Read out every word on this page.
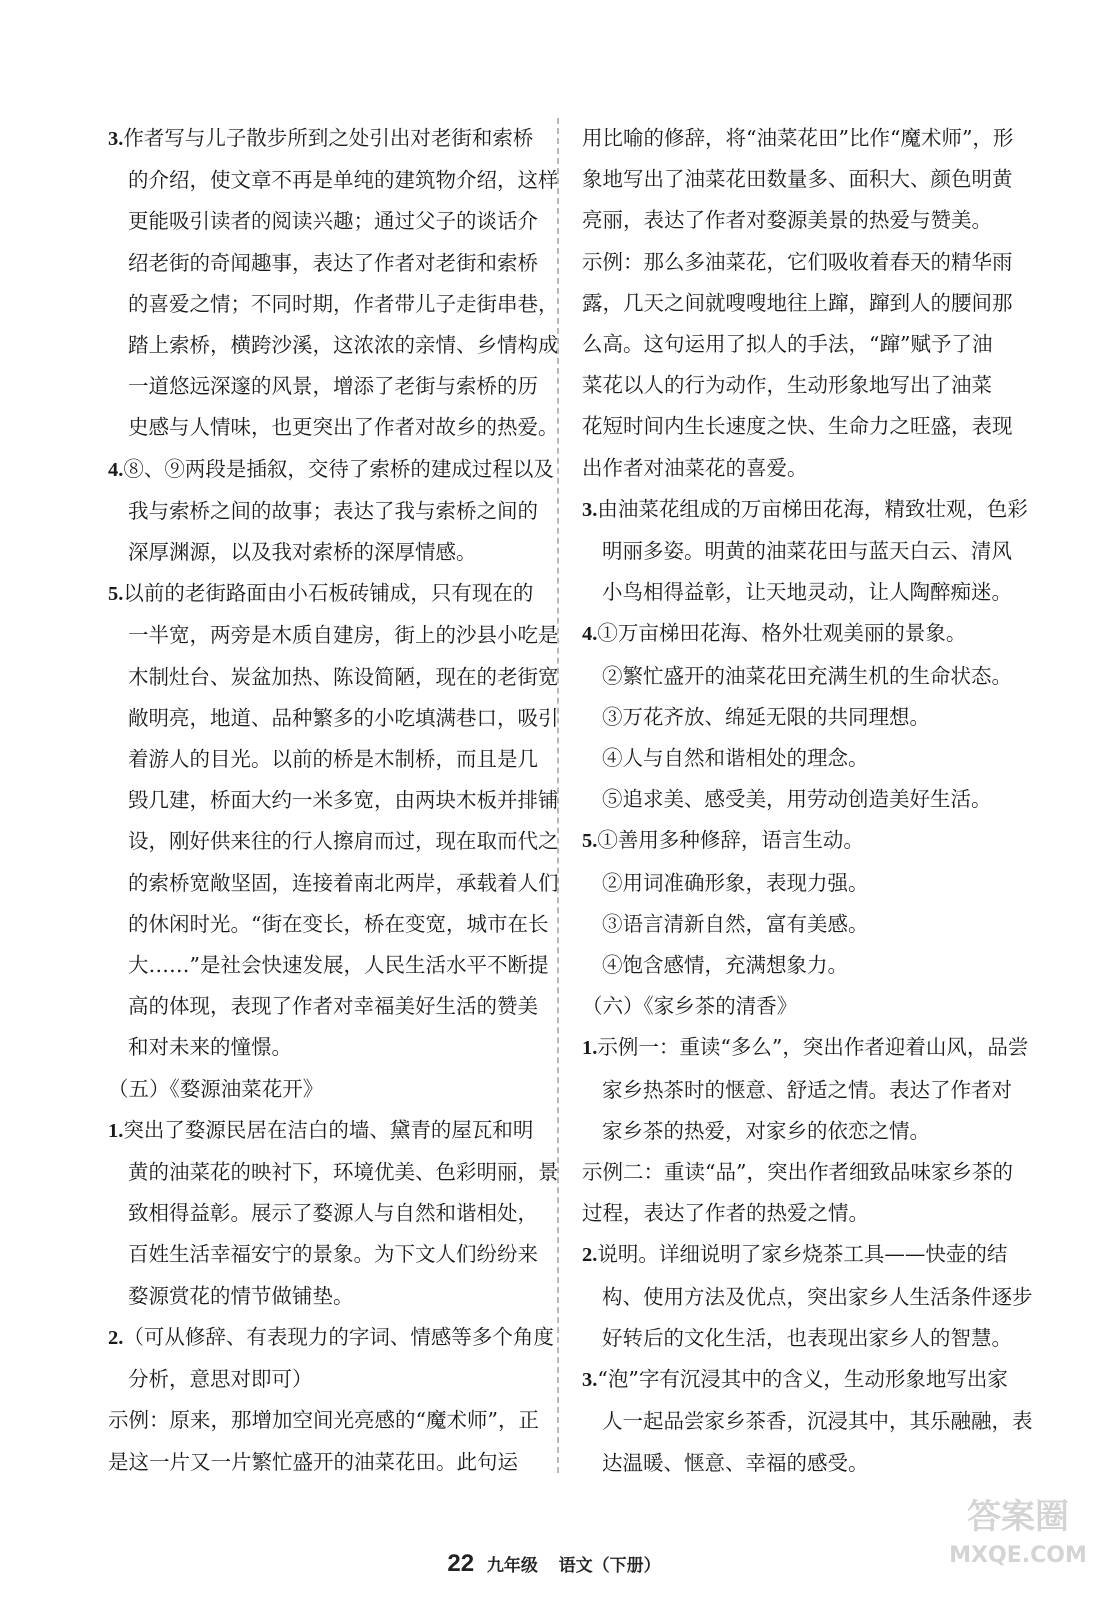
3.作者写与儿子散步所到之处引出对老街和索桥
的介绍，使文章不再是单纯的建筑物介绍，这样
更能吸引读者的阅读兴趣；通过父子的谈话介
绍老街的奇闻趣事，表达了作者对老街和索桥
的喜爱之情；不同时期，作者带儿子走街串巷，
踏上索桥，横跨沙溪，这浓浓的亲情、乡情构成
一道悠远深邃的风景，增添了老街与索桥的历
史感与人情味，也更突出了作者对故乡的热爱。
4.⑧、⑨两段是插叙，交待了索桥的建成过程以及
我与索桥之间的故事；表达了我与索桥之间的
深厚渊源，以及我对索桥的深厚情感。
5.以前的老街路面由小石板砖铺成，只有现在的
一半宽，两旁是木质自建房，街上的沙县小吃是
木制灶台、炭盆加热、陈设简陋，现在的老街宽
敞明亮，地道、品种繁多的小吃填满巷口，吸引
着游人的目光。以前的桥是木制桥，而且是几
毁几建，桥面大约一米多宽，由两块木板并排铺
设，刚好供来往的行人擦肩而过，现在取而代之
的索桥宽敞坚固，连接着南北两岸，承载着人们
的休闲时光。“街在变长，桥在变宽，城市在长
大……”是社会快速发展，人民生活水平不断提
高的体现，表现了作者对幸福美好生活的赞美
和对未来的憧憬。
（五）《婺源油菜花开》
1.突出了婺源民居在洁白的墙、黛青的屋瓦和明
黄的油菜花的映衬下，环境优美、色彩明丽，景
致相得益彰。展示了婺源人与自然和谐相处，
百姓生活幸福安宁的景象。为下文人们纷纷来
婺源赏花的情节做铺垫。
2.（可从修辞、有表现力的字词、情感等多个角度
分析，意思对即可）
示例：原来，那增加空间光亮感的“魔术师”，正
是这一片又一片繁忙盛开的油菜花田。此句运
用比喻的修辞，将“油菜花田”比作“魔术师”，形
象地写出了油菜花田数量多、面积大、颜色明黄
亮丽，表达了作者对婺源美景的热爱与赞美。
示例：那么多油菜花，它们吸收着春天的精华雨
露，几天之间就嗖嗖地往上蹿，蹿到人的腰间那
么高。这句运用了拟人的手法，“蹿”赋予了油
菜花以人的行为动作，生动形象地写出了油菜
花短时间内生长速度之快、生命力之旺盛，表现
出作者对油菜花的喜爱。
3.由油菜花组成的万亩梯田花海，精致壮观，色彩
明丽多姿。明黄的油菜花田与蓝天白云、清风
小鸟相得益彰，让天地灵动，让人陶醉痴迷。
4.①万亩梯田花海、格外壮观美丽的景象。
②繁忙盛开的油菜花田充满生机的生命状态。
③万花齐放、绵延无限的共同理想。
④人与自然和谐相处的理念。
⑤追求美、感受美，用劳动创造美好生活。
5.①善用多种修辞，语言生动。
②用词准确形象，表现力强。
③语言清新自然，富有美感。
④饱含感情，充满想象力。
（六）《家乡茶的清香》
1.示例一：重读“多么”，突出作者迎着山风，品尝
家乡热茶时的惬意、舒适之情。表达了作者对
家乡茶的热爱，对家乡的依恋之情。
示例二：重读“品”，突出作者细致品味家乡茶的
过程，表达了作者的热爱之情。
2.说明。详细说明了家乡烧茶工具——快壶的结
构、使用方法及优点，突出家乡人生活条件逐步
好转后的文化生活，也表现出家乡人的智慧。
3.“泡”字有沉浸其中的含义，生动形象地写出家
人一起品尝家乡茶香，沉浸其中，其乐融融，表
达温暖、惬意、幸福的感受。
22 九年级 语文（下册）
答案圈
MXQE.COM
